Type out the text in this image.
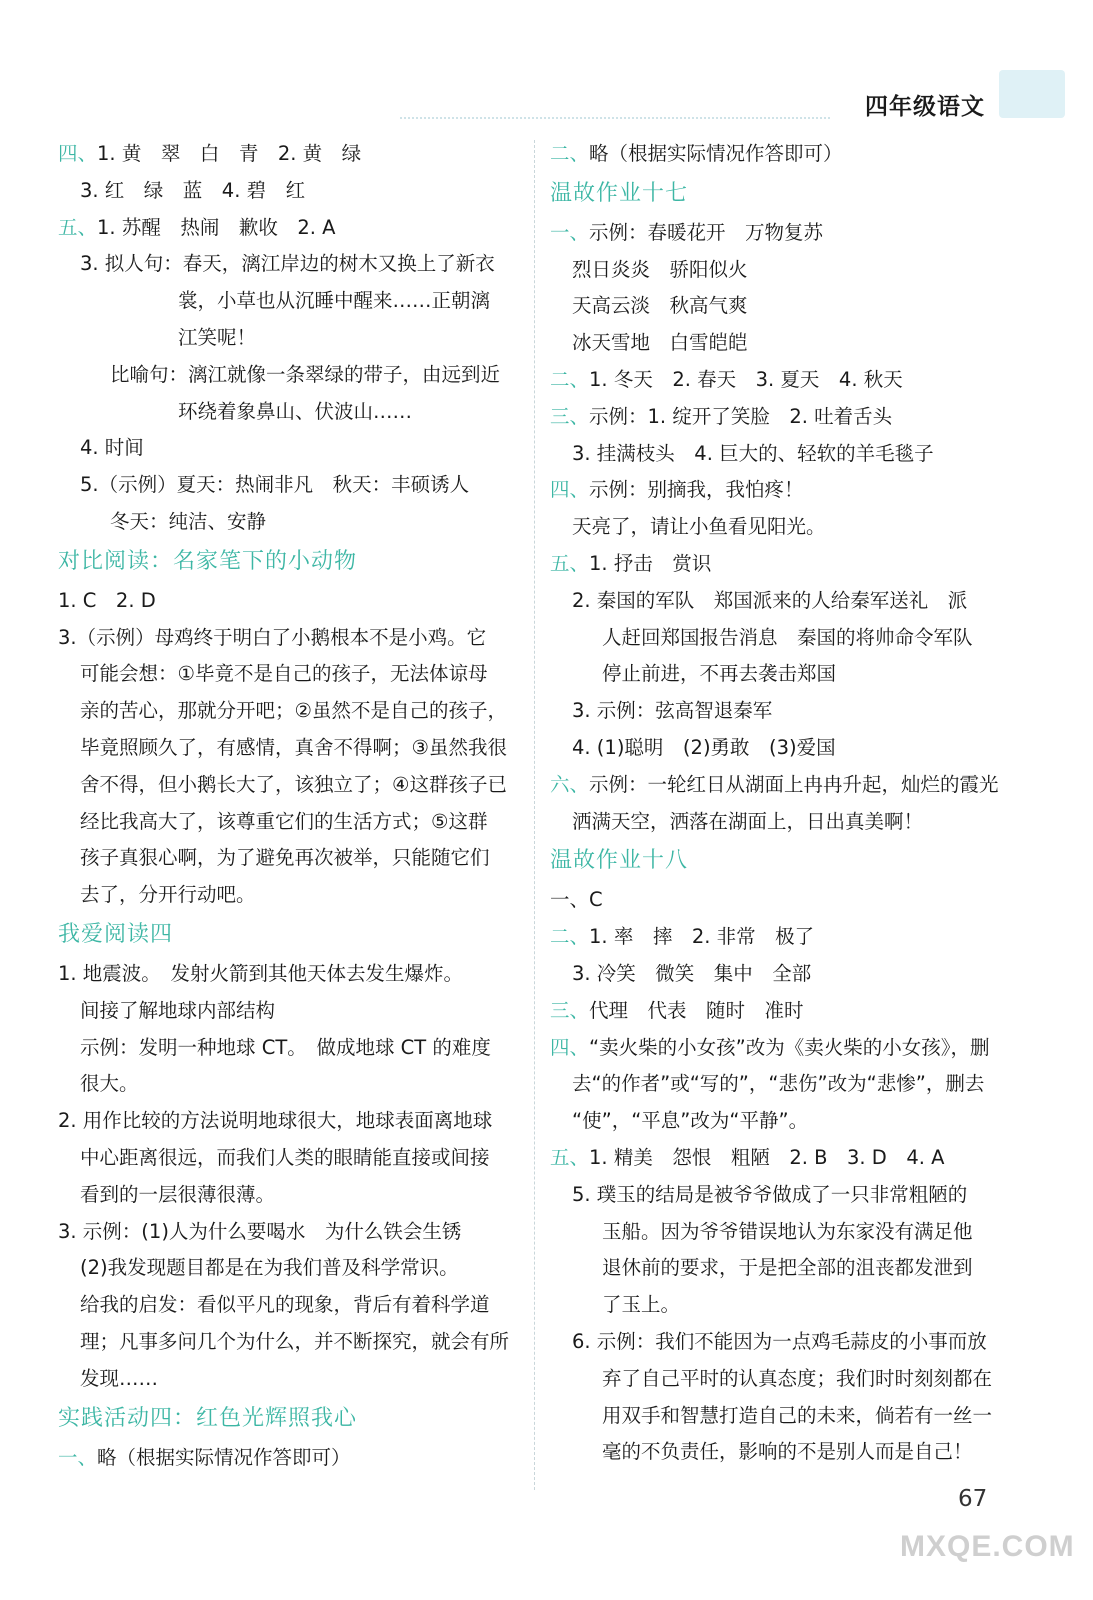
四年级语文
四、1. 黄　翠　白　青　2. 黄　绿
3. 红　绿　蓝　4. 碧　红
五、1. 苏醒　热闹　歉收　2. A
3. 拟人句：春天，漓江岸边的树木又换上了新衣
裳，小草也从沉睡中醒来……正朝漓
江笑呢！
比喻句：漓江就像一条翠绿的带子，由远到近
环绕着象鼻山、伏波山……
4. 时间
5.（示例）夏天：热闹非凡　秋天：丰硕诱人
冬天：纯洁、安静
对比阅读：名家笔下的小动物
1. C　2. D
3.（示例）母鸡终于明白了小鹅根本不是小鸡。它
可能会想：①毕竟不是自己的孩子，无法体谅母
亲的苦心，那就分开吧；②虽然不是自己的孩子，
毕竟照顾久了，有感情，真舍不得啊；③虽然我很
舍不得，但小鹅长大了，该独立了；④这群孩子已
经比我高大了，该尊重它们的生活方式；⑤这群
孩子真狠心啊，为了避免再次被举，只能随它们
去了，分开行动吧。
我爱阅读四
1. 地震波。　发射火箭到其他天体去发生爆炸。
间接了解地球内部结构
示例：发明一种地球 CT。　做成地球 CT 的难度
很大。
2. 用作比较的方法说明地球很大，地球表面离地球
中心距离很远，而我们人类的眼睛能直接或间接
看到的一层很薄很薄。
3. 示例：(1)人为什么要喝水　为什么铁会生锈
(2)我发现题目都是在为我们普及科学常识。
给我的启发：看似平凡的现象，背后有着科学道
理；凡事多问几个为什么，并不断探究，就会有所
发现……
实践活动四：红色光辉照我心
一、略（根据实际情况作答即可）
二、略（根据实际情况作答即可）
温故作业十七
一、示例：春暖花开　万物复苏
烈日炎炎　骄阳似火
天高云淡　秋高气爽
冰天雪地　白雪皑皑
二、1. 冬天　2. 春天　3. 夏天　4. 秋天
三、示例：1. 绽开了笑脸　2. 吐着舌头
3. 挂满枝头　4. 巨大的、轻软的羊毛毯子
四、示例：别摘我，我怕疼！
天亮了，请让小鱼看见阳光。
五、1. 抒击　赏识
2. 秦国的军队　郑国派来的人给秦军送礼　派
人赶回郑国报告消息　秦国的将帅命令军队
停止前进，不再去袭击郑国
3. 示例：弦高智退秦军
4. (1)聪明　(2)勇敢　(3)爱国
六、示例：一轮红日从湖面上冉冉升起，灿烂的霞光
洒满天空，洒落在湖面上，日出真美啊！
温故作业十八
一、C
二、1. 率　摔　2. 非常　极了
3. 冷笑　微笑　集中　全部
三、代理　代表　随时　准时
四、“卖火柴的小女孩”改为《卖火柴的小女孩》，删
去“的作者”或“写的”，“悲伤”改为“悲惨”，删去
“使”，“平息”改为“平静”。
五、1. 精美　怨恨　粗陋　2. B　3. D　4. A
5. 璞玉的结局是被爷爷做成了一只非常粗陋的
玉船。因为爷爷错误地认为东家没有满足他
退休前的要求，于是把全部的沮丧都发泄到
了玉上。
6. 示例：我们不能因为一点鸡毛蒜皮的小事而放
弃了自己平时的认真态度；我们时时刻刻都在
用双手和智慧打造自己的未来，倘若有一丝一
毫的不负责任，影响的不是别人而是自己！
67
MXQE.COM
